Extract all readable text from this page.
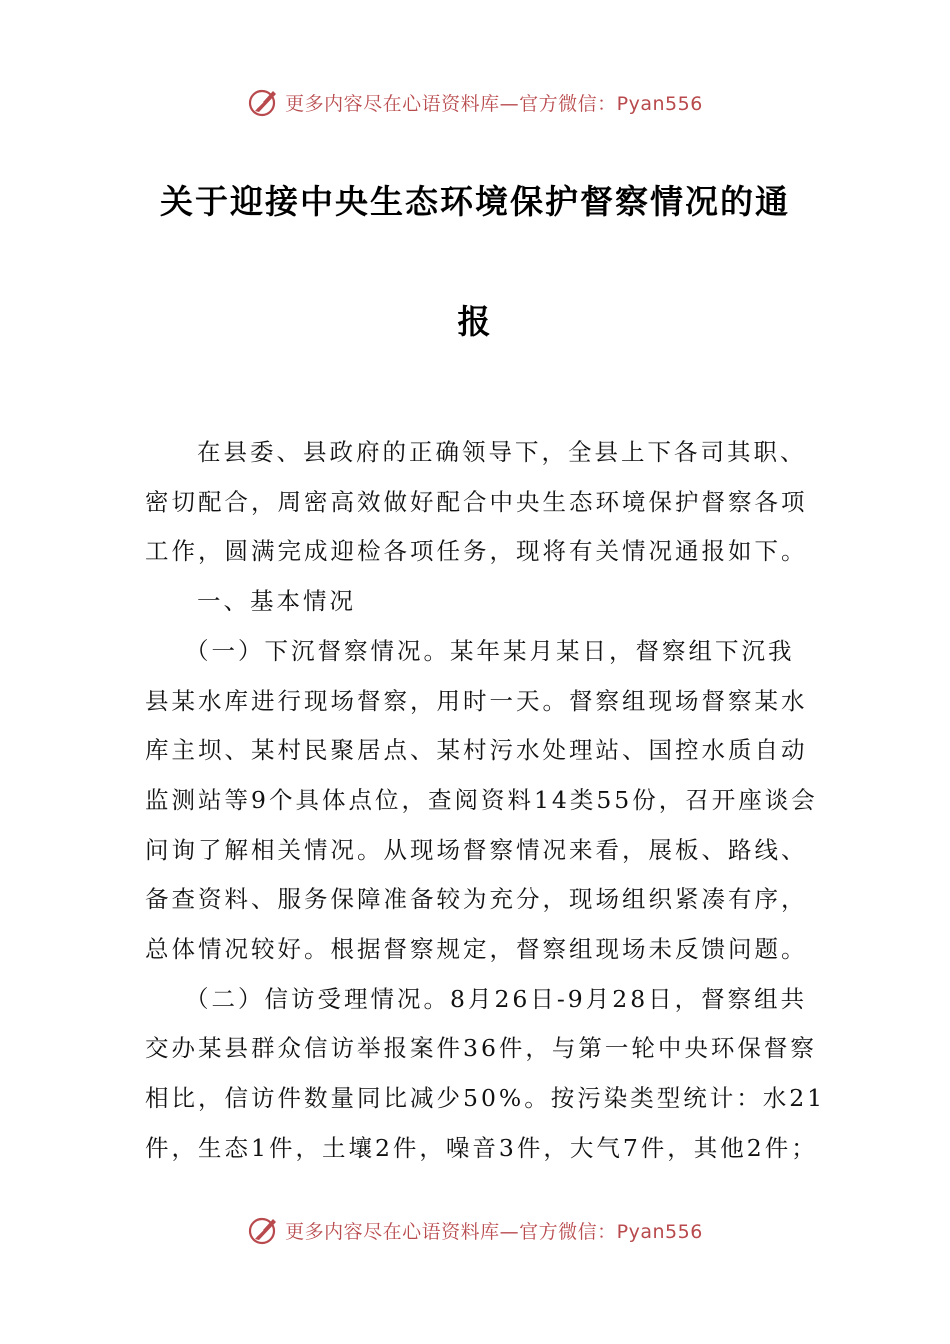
更多内容尽在心语资料库—官方微信：Pyan556
关于迎接中央生态环境保护督察情况的通
报

在县委、县政府的正确领导下，全县上下各司其职、
密切配合，周密高效做好配合中央生态环境保护督察各项
工作，圆满完成迎检各项任务，现将有关情况通报如下。

一、基本情况

（一）下沉督察情况。某年某月某日，督察组下沉我
县某水库进行现场督察，用时一天。督察组现场督察某水
库主坝、某村民聚居点、某村污水处理站、国控水质自动
监测站等9个具体点位，查阅资料14类55份，召开座谈会
问询了解相关情况。从现场督察情况来看，展板、路线、
备查资料、服务保障准备较为充分，现场组织紧凑有序，
总体情况较好。根据督察规定，督察组现场未反馈问题。

（二）信访受理情况。8月26日-9月28日，督察组共
交办某县群众信访举报案件36件，与第一轮中央环保督察
相比，信访件数量同比减少50%。按污染类型统计：水21
件，生态1件，土壤2件，噪音3件，大气7件，其他2件；

更多内容尽在心语资料库—官方微信：Pyan556
